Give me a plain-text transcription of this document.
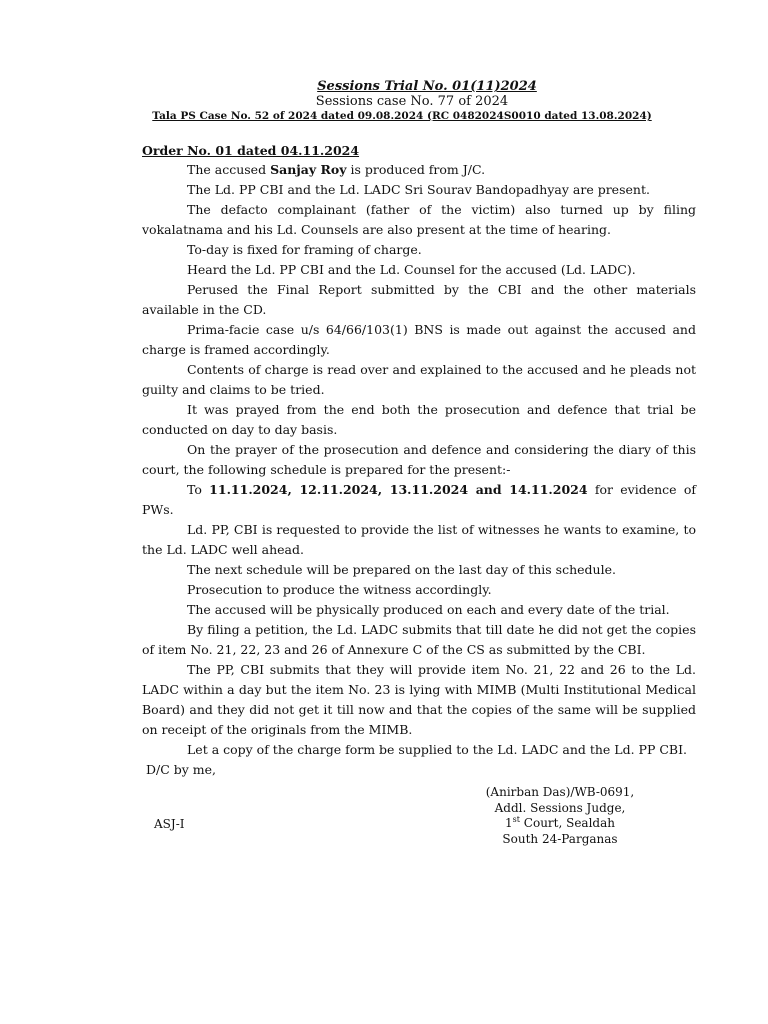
Sessions Trial No. 01(11)2024
Sessions case No. 77 of 2024
Tala PS Case No. 52 of 2024 dated 09.08.2024 (RC 0482024S0010 dated 13.08.2024)
Order No. 01 dated 04.11.2024

The accused Sanjay Roy is produced from J/C.

The Ld. PP CBI and the Ld. LADC Sri Sourav Bandopadhyay are present.

The defacto complainant (father of the victim) also turned up by filing vokalatnama and his Ld. Counsels are also present at the time of hearing.

To-day is fixed for framing of charge.

Heard the Ld. PP CBI and the Ld. Counsel for the accused (Ld. LADC).

Perused the Final Report submitted by the CBI and the other materials available in the CD.

Prima-facie case u/s 64/66/103(1) BNS is made out against the accused and charge is framed accordingly.

Contents of charge is read over and explained to the accused and he pleads not guilty and claims to be tried.

It was prayed from the end both the prosecution and defence that trial be conducted on day to day basis.

On the prayer of the prosecution and defence and considering the diary of this court, the following schedule is prepared for the present:-

To 11.11.2024, 12.11.2024, 13.11.2024 and 14.11.2024 for evidence of PWs.

Ld. PP, CBI is requested to provide the list of witnesses he wants to examine, to the Ld. LADC well ahead.

The next schedule will be prepared on the last day of this schedule.

Prosecution to produce the witness accordingly.

The accused will be physically produced on each and every date of the trial.

By filing a petition, the Ld. LADC submits that till date he did not get the copies of item No. 21, 22, 23 and 26 of Annexure C of the CS as submitted by the CBI.

The PP, CBI submits that they will provide item No. 21, 22 and 26 to the Ld. LADC within a day but the item No. 23 is lying with MIMB (Multi Institutional Medical Board) and they did not get it till now and that the copies of the same will be supplied on receipt of the originals from the MIMB.

Let a copy of the charge form be supplied to the Ld. LADC and the Ld. PP CBI.

D/C by me,

(Anirban Das)/WB-0691,
Addl. Sessions Judge,
1st Court, Sealdah
South 24-Parganas
ASJ-I
